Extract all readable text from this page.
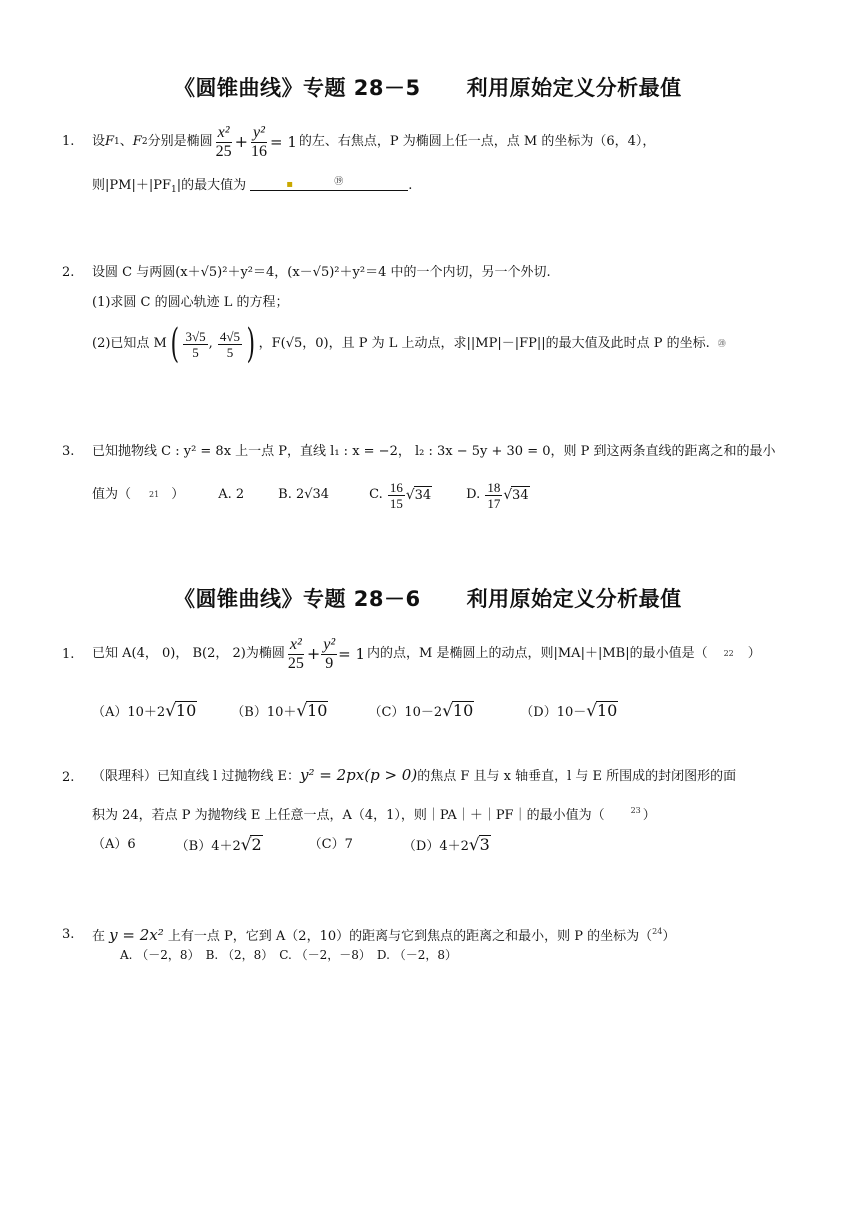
《圆锥曲线》专题 28－5 利用原始定义分析最值
1. 设 F 1 、 F 2 分别是椭圆 $\frac{\text{x²}}{25} + \frac{\text{y²}}{16} = 1$ 的左、右焦点，P 为椭圆上任一点，点 M 的坐标为（6，4），
则$|PM|+|PF_1|$的最大值为	▪	⑲	.
2. 设圆 C 与两圆(x＋√5)²＋y²＝4，(x－√5)²＋y²＝4 中的一个内切，另一个外切.
(1)求圆 C 的圆心轨迹 L 的方程；
(2)已知点 M ( $\frac{3√5}{5}$ , $\frac{4√5}{5}$ ) ，F(√5，0)，且 P 为 L 上动点，求||MP|－|FP||的最大值及此时点 P 的坐标. ⑳
3. 已知抛物线 C : y² = 8x 上一点 P，直线 l₁ : x = −2， l₂ : 3x − 5y + 30 = 0，则 P 到这两条直线的距离之和的最小
值为（ 21 ）	A. 2	B. 2√34	C.
$\frac{16}{15}$ √ 34	D.
$\frac{18}{17}$ √ 34
《圆锥曲线》专题 28－6 利用原始定义分析最值
1. 已知 A(4， 0)， B(2， 2)为椭圆 $\frac{\text{x²}}{25} + \frac{\text{y²}}{9} = 1$ 内的点，M 是椭圆上的动点，则|MA|＋|MB|的最小值是（ 22 ）
（A）10＋2 √ 10	（B）10＋ √ 10	（C）10－2 √ 10	（D）10－ √ 10
2. （限理科）已知直线 l 过抛物线 E：y² = 2px(p > 0)的焦点 F 且与 x 轴垂直，l 与 E 所围成的封闭图形的面
积为 24，若点 P 为抛物线 E 上任意一点，A（4，1），则｜PA｜＋｜PF｜的最小值为（	$^{23}$ ）
（A）6	（B）4＋2 √ 2	（C）7	（D）4＋2 √ 3
3. 在 y = 2x² 上有一点 P，它到 A（2，10）的距离与它到焦点的距离之和最小，则 P 的坐标为（$^{24}$）
A. （－2，8）　B. （2，8）　C. （－2，－8）　D. （－2，8）
